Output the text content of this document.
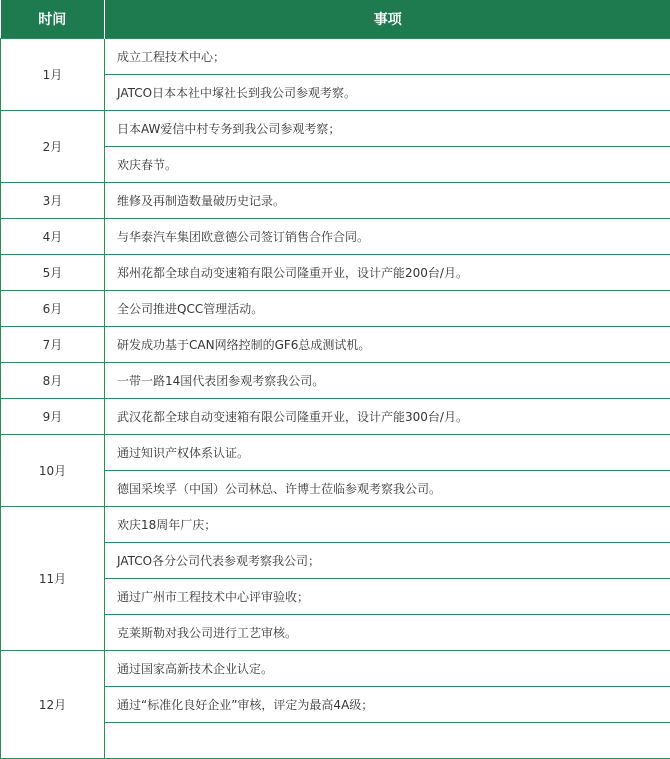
时间	事项
1月	成立工程技术中心；
	JATCO日本本社中塚社长到我公司参观考察。
2月	日本AW爱信中村专务到我公司参观考察；
	欢庆春节。
3月	维修及再制造数量破历史记录。
4月	与华泰汽车集团欧意德公司签订销售合作合同。
5月	郑州花都全球自动变速箱有限公司隆重开业，设计产能200台/月。
6月	全公司推进QCC管理活动。
7月	研发成功基于CAN网络控制的GF6总成测试机。
8月	一带一路14国代表团参观考察我公司。
9月	武汉花都全球自动变速箱有限公司隆重开业，设计产能300台/月。
10月	通过知识产权体系认证。
	德国采埃孚（中国）公司林总、许博士莅临参观考察我公司。
11月	欢庆18周年厂庆；
	JATCO各分公司代表参观考察我公司；
	通过广州市工程技术中心评审验收；
	克莱斯勒对我公司进行工艺审核。
12月	通过国家高新技术企业认定。
	通过“标准化良好企业”审核，评定为最高4A级；
